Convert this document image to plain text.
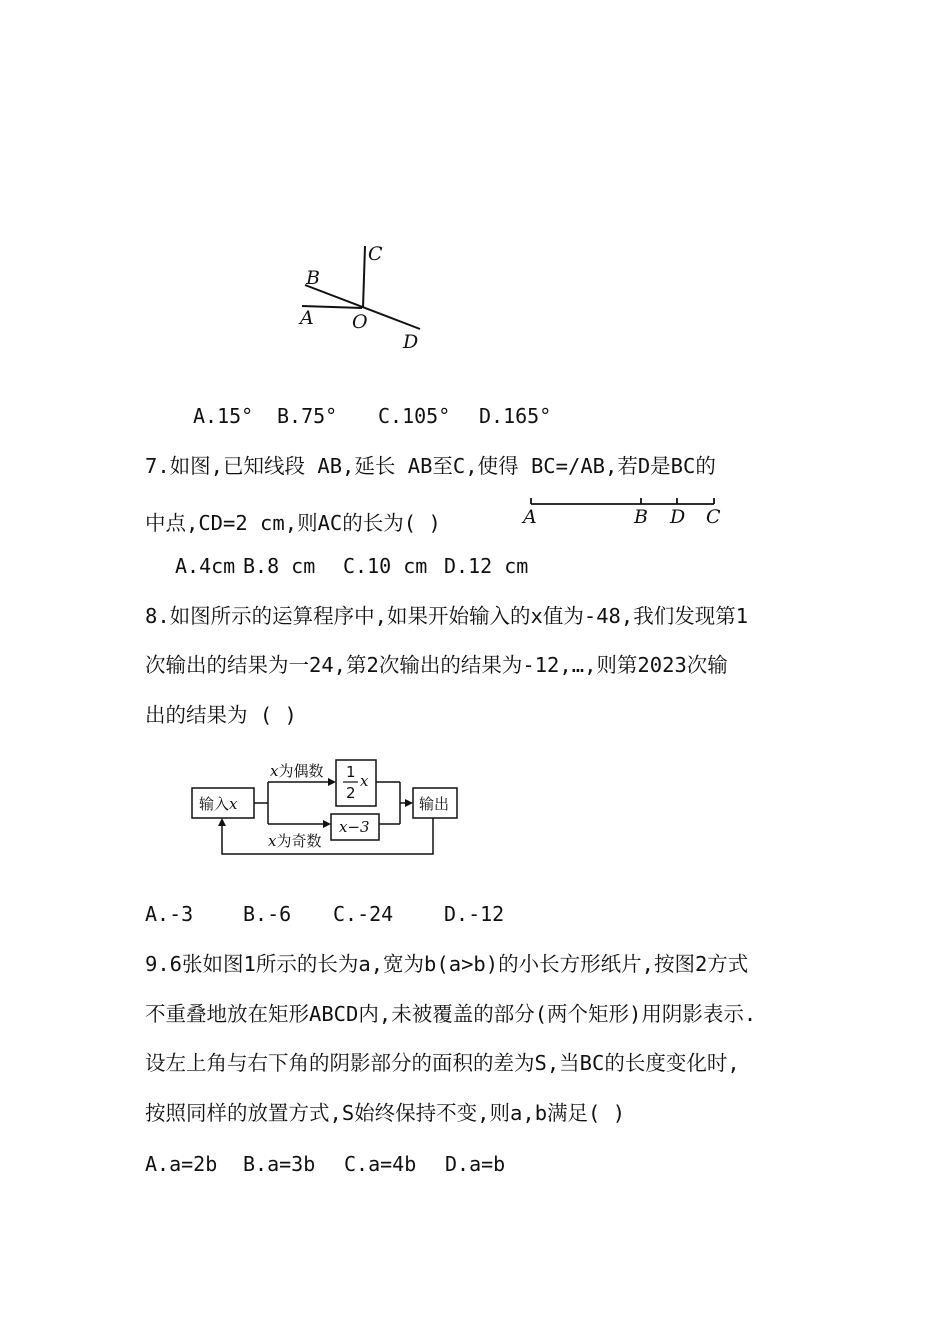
C
B
A O
D
A.15° B.75° C.105° D.165°
7.如图,已知线段 AB,延长 AB至C,使得 BC=/AB,若D是BC的
中点,CD=2 cm,则AC的长为( )	A	B D C
A.4cm B.8 cm C.10 cm D.12 cm
8.如图所示的运算程序中,如果开始输入的x值为-48,我们发现第1
次输出的结果为一24,第2次输出的结果为-12,…,则第2023次输
出的结果为 ( )
输入x
x为偶数
x为奇数
1
2
x
x−3
输出
A.-3 B.-6 C.-24	D.-12
9.6张如图1所示的长为a,宽为b(a>b)的小长方形纸片,按图2方式
不重叠地放在矩形ABCD内,未被覆盖的部分(两个矩形)用阴影表示.
设左上角与右下角的阴影部分的面积的差为S,当BC的长度变化时,
按照同样的放置方式,S始终保持不变,则a,b满足( )
A.a=2b B.a=3b C.a=4b D.a=b
